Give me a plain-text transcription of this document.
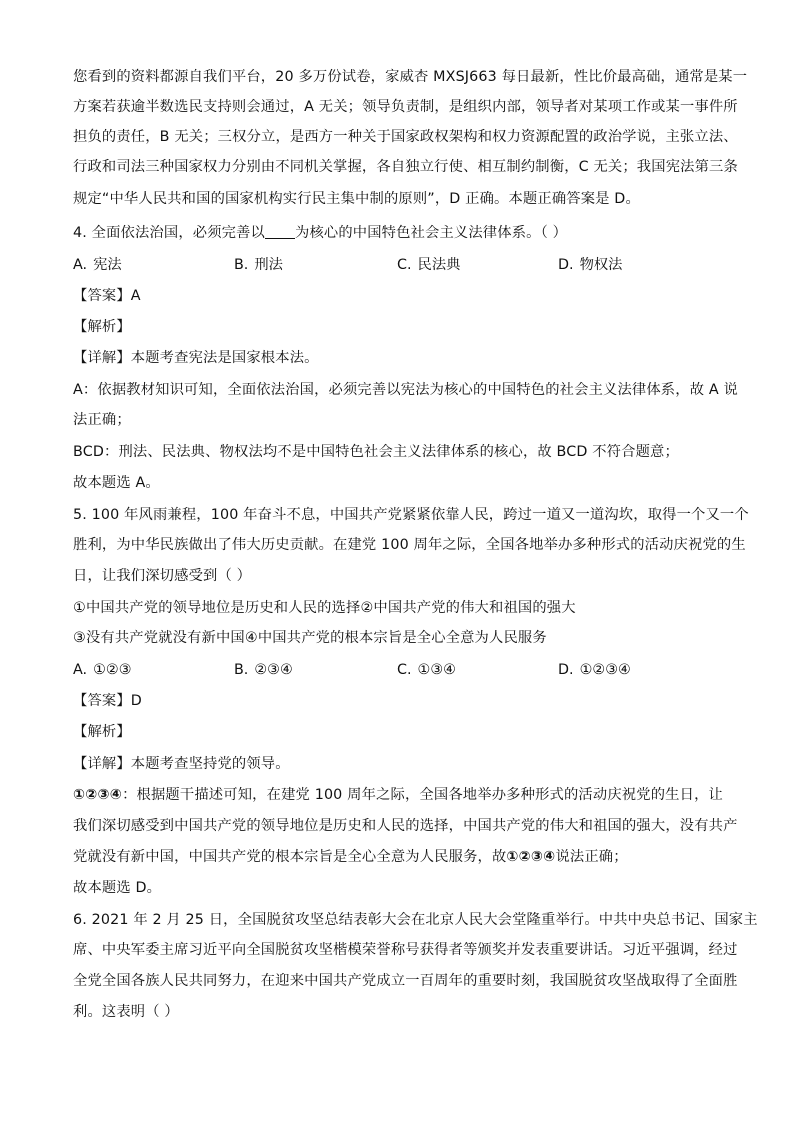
您看到的资料都源自我们平台，20 多万份试卷，家威杏 MXSJ663 每日最新，性比价最高础，通常是某一
方案若获逾半数选民支持则会通过，A 无关；领导负责制，是组织内部，领导者对某项工作或某一事件所
担负的责任，B 无关；三权分立，是西方一种关于国家政权架构和权力资源配置的政治学说，主张立法、
行政和司法三种国家权力分别由不同机关掌握，各自独立行使、相互制约制衡，C 无关；我国宪法第三条
规定“中华人民共和国的国家机构实行民主集中制的原则”，D 正确。本题正确答案是 D。
4. 全面依法治国，必须完善以 为核心的中国特色社会主义法律体系。（ ）
A. 宪法	B. 刑法	C. 民法典	D. 物权法
【答案】A
【解析】
【详解】本题考查宪法是国家根本法。
A：依据教材知识可知，全面依法治国，必须完善以宪法为核心的中国特色的社会主义法律体系，故 A 说
法正确；
BCD：刑法、民法典、物权法均不是中国特色社会主义法律体系的核心，故 BCD 不符合题意；
故本题选 A。
5. 100 年风雨兼程，100 年奋斗不息，中国共产党紧紧依靠人民，跨过一道又一道沟坎，取得一个又一个
胜利，为中华民族做出了伟大历史贡献。在建党 100 周年之际，全国各地举办多种形式的活动庆祝党的生
日，让我们深切感受到（ ）
①中国共产党的领导地位是历史和人民的选择②中国共产党的伟大和祖国的强大
③没有共产党就没有新中国④中国共产党的根本宗旨是全心全意为人民服务
A. ①②③	B. ②③④	C. ①③④	D. ①②③④
【答案】D
【解析】
【详解】本题考查坚持党的领导。
①②③④：根据题干描述可知，在建党 100 周年之际，全国各地举办多种形式的活动庆祝党的生日，让
我们深切感受到中国共产党的领导地位是历史和人民的选择，中国共产党的伟大和祖国的强大，没有共产
党就没有新中国，中国共产党的根本宗旨是全心全意为人民服务，故①②③④说法正确；
故本题选 D。
6. 2021 年 2 月 25 日，全国脱贫攻坚总结表彰大会在北京人民大会堂隆重举行。中共中央总书记、国家主
席、中央军委主席习近平向全国脱贫攻坚楷模荣誉称号获得者等颁奖并发表重要讲话。习近平强调，经过
全党全国各族人民共同努力，在迎来中国共产党成立一百周年的重要时刻，我国脱贫攻坚战取得了全面胜
利。这表明（ ）
